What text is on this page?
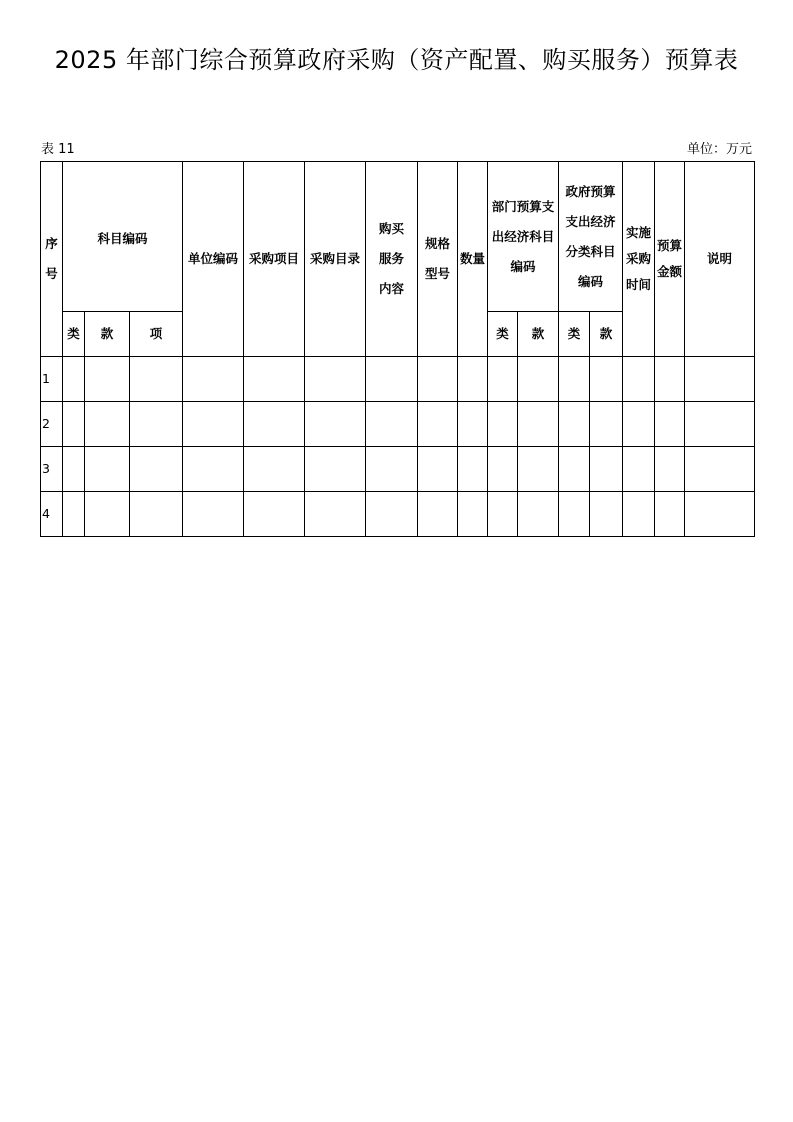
2025 年部门综合预算政府采购（资产配置、购买服务）预算表
表 11	单位：万元
序号	科目编码			单位编码	采购项目	采购目录	购买服务内容	规格型号	数量	部门预算支出经济科目编码		政府预算支出经济分类科目编码		实施采购时间	预算金额	说明
	类	款	项							类	款	类	款			
1																
2																
3																
4																
